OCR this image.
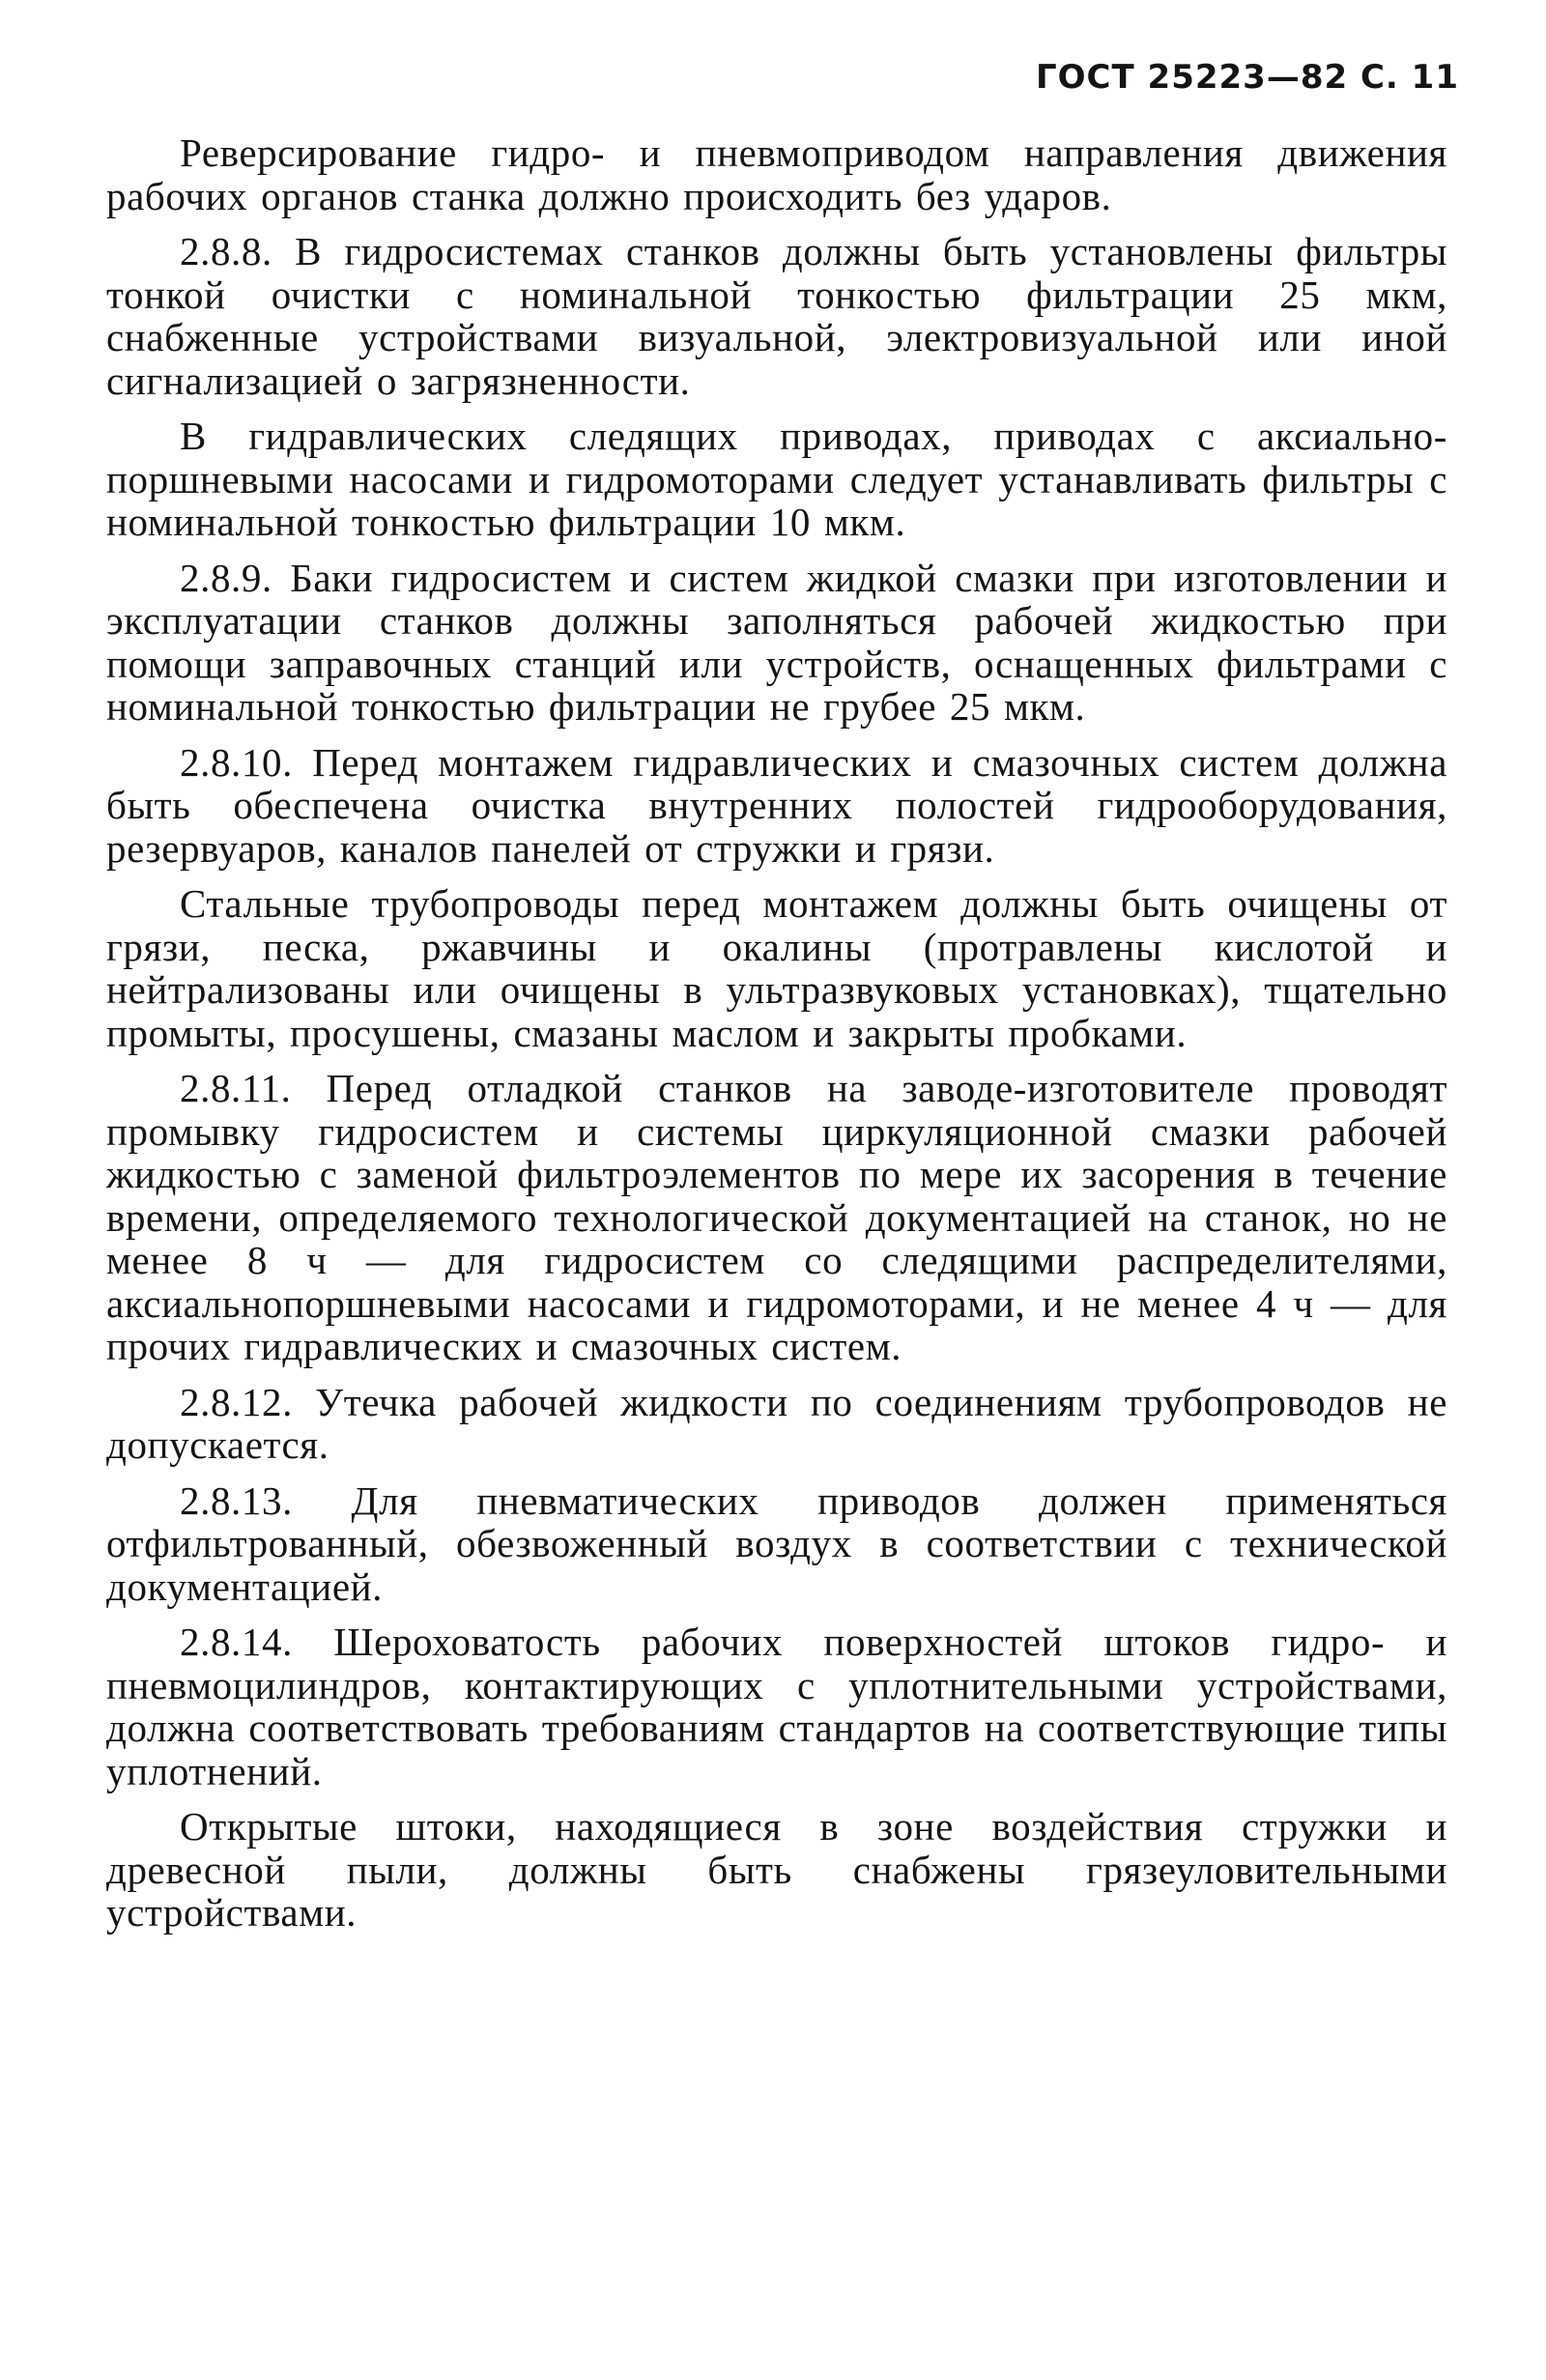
ГОСТ 25223—82 С. 11

Реверсирование гидро- и пневмоприводом направления движения рабочих органов станка должно происходить без ударов.

2.8.8. В гидросистемах станков должны быть установлены фильтры тонкой очистки с номинальной тонкостью фильтрации 25 мкм, снабженные устройствами визуальной, электровизуальной или иной сигнализацией о загрязненности.

В гидравлических следящих приводах, приводах с аксиально-поршневыми насосами и гидромоторами следует устанавливать фильтры с номинальной тонкостью фильтрации 10 мкм.

2.8.9. Баки гидросистем и систем жидкой смазки при изготовлении и эксплуатации станков должны заполняться рабочей жидкостью при помощи заправочных станций или устройств, оснащенных фильтрами с номинальной тонкостью фильтрации не грубее 25 мкм.

2.8.10. Перед монтажем гидравлических и смазочных систем должна быть обеспечена очистка внутренних полостей гидрооборудования, резервуаров, каналов панелей от стружки и грязи.

Стальные трубопроводы перед монтажем должны быть очищены от грязи, песка, ржавчины и окалины (протравлены кислотой и нейтрализованы или очищены в ультразвуковых установках), тщательно промыты, просушены, смазаны маслом и закрыты пробками.

2.8.11. Перед отладкой станков на заводе-изготовителе проводят промывку гидросистем и системы циркуляционной смазки рабочей жидкостью с заменой фильтроэлементов по мере их засорения в течение времени, определяемого технологической документацией на станок, но не менее 8 ч — для гидросистем со следящими распределителями, аксиальнопоршневыми насосами и гидромоторами, и не менее 4 ч — для прочих гидравлических и смазочных систем.

2.8.12. Утечка рабочей жидкости по соединениям трубопроводов не допускается.

2.8.13. Для пневматических приводов должен применяться отфильтрованный, обезвоженный воздух в соответствии с технической документацией.

2.8.14. Шероховатость рабочих поверхностей штоков гидро- и пневмоцилиндров, контактирующих с уплотнительными устройствами, должна соответствовать требованиям стандартов на соответствующие типы уплотнений.

Открытые штоки, находящиеся в зоне воздействия стружки и древесной пыли, должны быть снабжены грязеуловительными устройствами.
